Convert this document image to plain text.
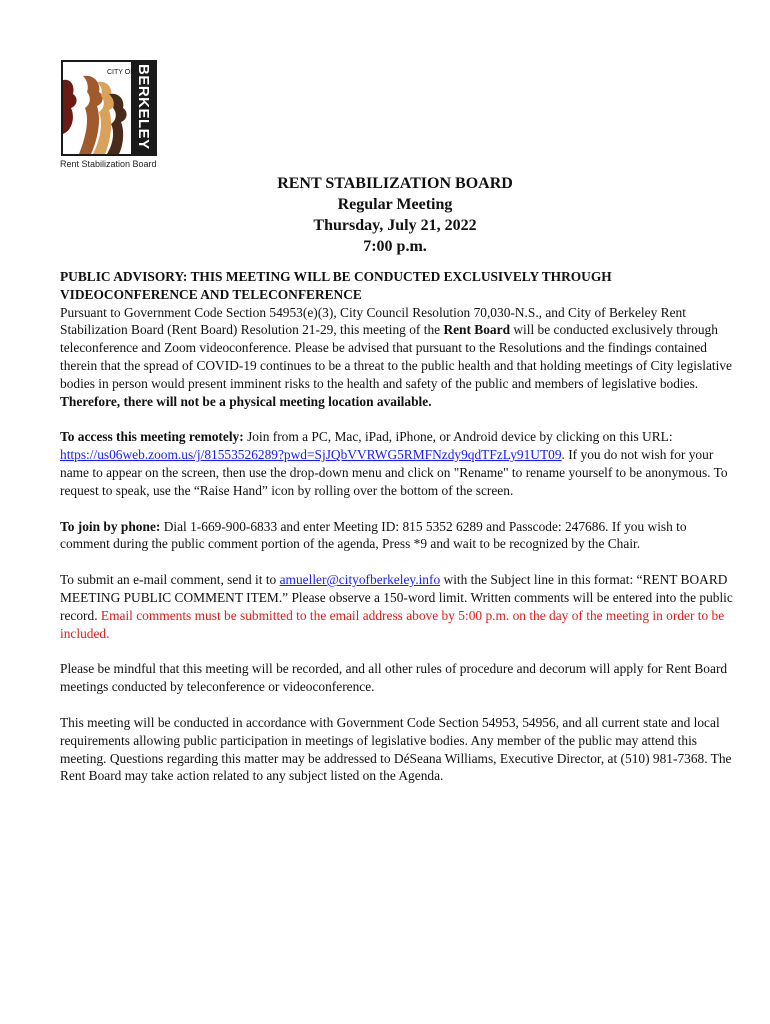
CITY OF BERKELEY
Rent Stabilization Board
RENT STABILIZATION BOARD
Regular Meeting
Thursday, July 21, 2022
7:00 p.m.

PUBLIC ADVISORY: THIS MEETING WILL BE CONDUCTED EXCLUSIVELY THROUGH VIDEOCONFERENCE AND TELECONFERENCE
Pursuant to Government Code Section 54953(e)(3), City Council Resolution 70,030-N.S., and City of Berkeley Rent Stabilization Board (Rent Board) Resolution 21-29, this meeting of the Rent Board will be conducted exclusively through teleconference and Zoom videoconference. Please be advised that pursuant to the Resolutions and the findings contained therein that the spread of COVID-19 continues to be a threat to the public health and that holding meetings of City legislative bodies in person would present imminent risks to the health and safety of the public and members of legislative bodies. Therefore, there will not be a physical meeting location available.

To access this meeting remotely: Join from a PC, Mac, iPad, iPhone, or Android device by clicking on this URL: https://us06web.zoom.us/j/81553526289?pwd=SjJQbVVRWG5RMFNzdy9qdTFzLy91UT09. If you do not wish for your name to appear on the screen, then use the drop-down menu and click on "Rename" to rename yourself to be anonymous. To request to speak, use the “Raise Hand” icon by rolling over the bottom of the screen.

To join by phone: Dial 1-669-900-6833 and enter Meeting ID: 815 5352 6289 and Passcode: 247686. If you wish to comment during the public comment portion of the agenda, Press *9 and wait to be recognized by the Chair.

To submit an e-mail comment, send it to amueller@cityofberkeley.info with the Subject line in this format: “RENT BOARD MEETING PUBLIC COMMENT ITEM.” Please observe a 150-word limit. Written comments will be entered into the public record. Email comments must be submitted to the email address above by 5:00 p.m. on the day of the meeting in order to be included.

Please be mindful that this meeting will be recorded, and all other rules of procedure and decorum will apply for Rent Board meetings conducted by teleconference or videoconference.

This meeting will be conducted in accordance with Government Code Section 54953, 54956, and all current state and local requirements allowing public participation in meetings of legislative bodies. Any member of the public may attend this meeting. Questions regarding this matter may be addressed to DéSeana Williams, Executive Director, at (510) 981-7368. The Rent Board may take action related to any subject listed on the Agenda.
